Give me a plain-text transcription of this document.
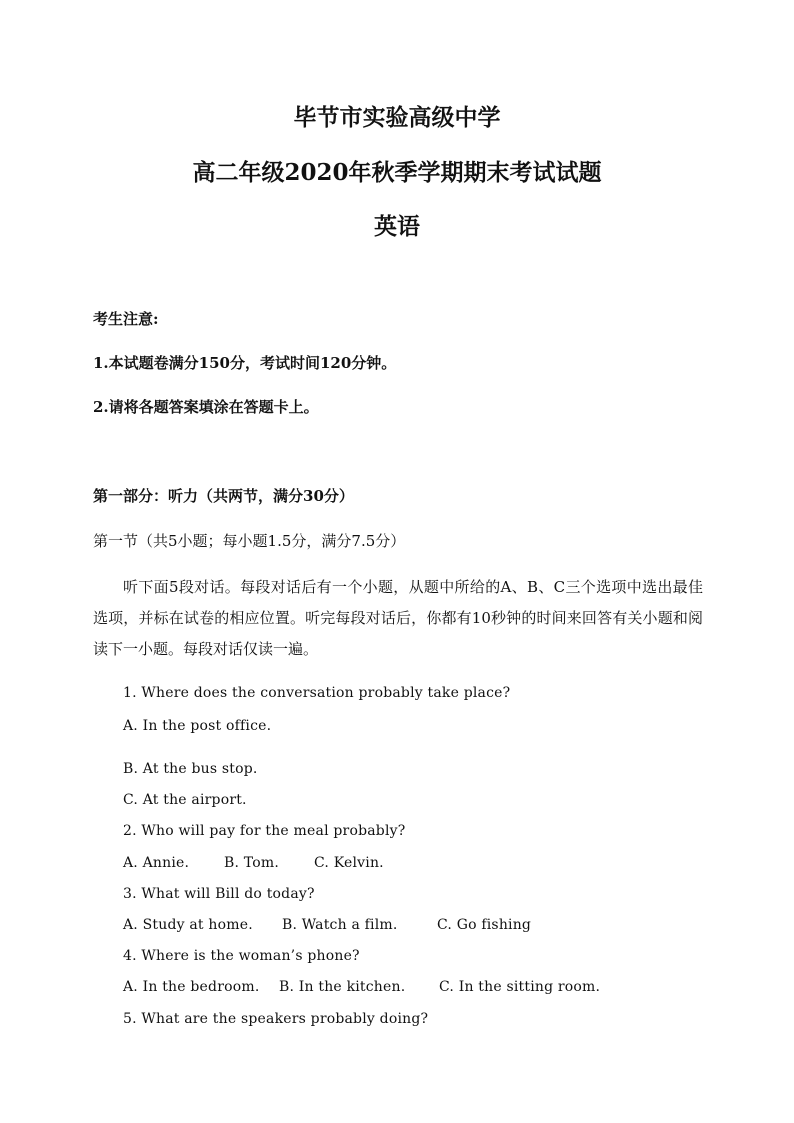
毕节市实验高级中学
高二年级2020年秋季学期期末考试试题
英语
考生注意:
1.本试题卷满分150分，考试时间120分钟。
2.请将各题答案填涂在答题卡上。
第一部分：听力（共两节，满分30分）
第一节（共5小题；每小题1.5分，满分7.5分）
听下面5段对话。每段对话后有一个小题，从题中所给的A、B、C三个选项中选出最佳选项，并标在试卷的相应位置。听完每段对话后，你都有10秒钟的时间来回答有关小题和阅读下一小题。每段对话仅读一遍。
1. Where does the conversation probably take place?
A. In the post office.
B. At the bus stop.
C. At the airport.
2. Who will pay for the meal probably?
A. Annie. B. Tom.	C. Kelvin.
3. What will Bill do today?
A. Study at home. B. Watch a film.	C. Go fishing
4. Where is the woman’s phone?
A. In the bedroom. B. In the kitchen. C. In the sitting room.
5. What are the speakers probably doing?
